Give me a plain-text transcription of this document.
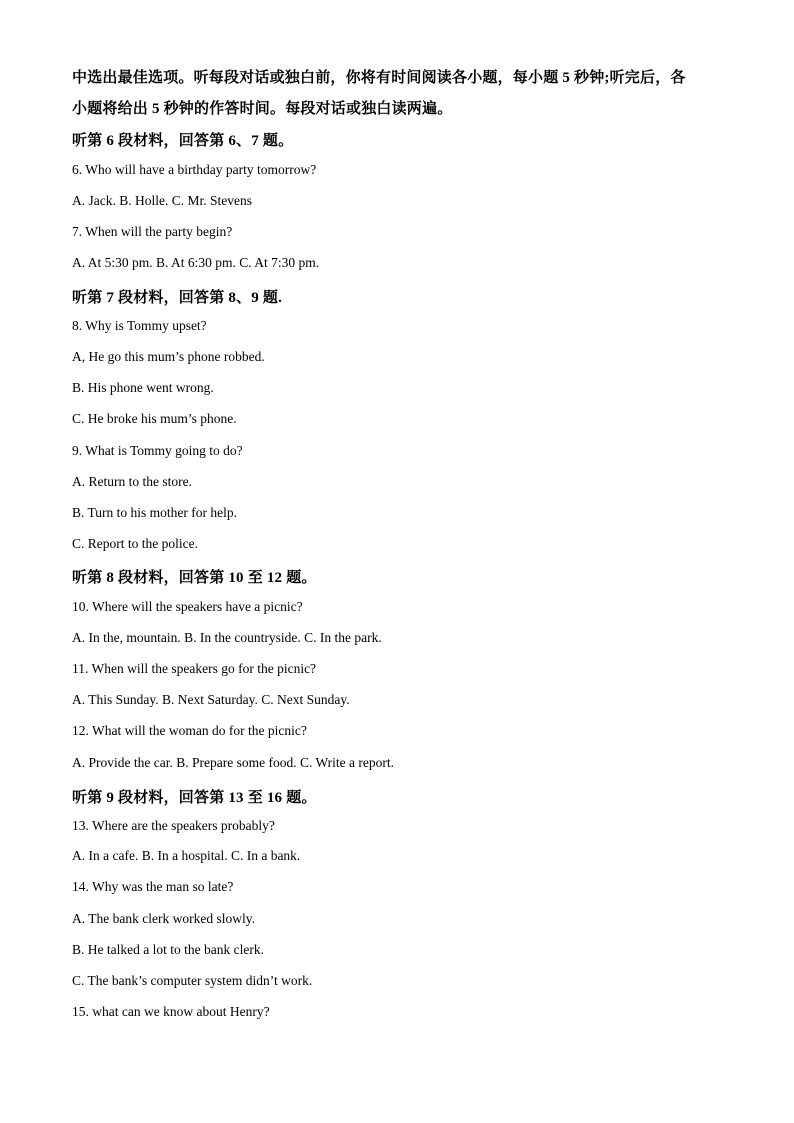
中选出最佳选项。听每段对话或独白前，你将有时间阅读各小题，每小题 5 秒钟;听完后，各
小题将给出 5 秒钟的作答时间。每段对话或独白读两遍。
听第 6 段材料，回答第 6、7 题。
6. Who will have a birthday party tomorrow?
A. Jack. B. Holle. C. Mr. Stevens
7. When will the party begin?
A. At 5:30 pm. B. At 6:30 pm. C. At 7:30 pm.
听第 7 段材料，回答第 8、9 题.
8. Why is Tommy upset?
A, He go this mum’s phone robbed.
B. His phone went wrong.
C. He broke his mum’s phone.
9. What is Tommy going to do?
A. Return to the store.
B. Turn to his mother for help.
C. Report to the police.
听第 8 段材料，回答第 10 至 12 题。
10. Where will the speakers have a picnic?
A. In the, mountain. B. In the countryside. C. In the park.
11. When will the speakers go for the picnic?
A. This Sunday. B. Next Saturday. C. Next Sunday.
12. What will the woman do for the picnic?
A. Provide the car. B. Prepare some food. C. Write a report.
听第 9 段材料，回答第 13 至 16 题。
13. Where are the speakers probably?
A. In a cafe. B. In a hospital. C. In a bank.
14. Why was the man so late?
A. The bank clerk worked slowly.
B. He talked a lot to the bank clerk.
C. The bank’s computer system didn’t work.
15. what can we know about Henry?
